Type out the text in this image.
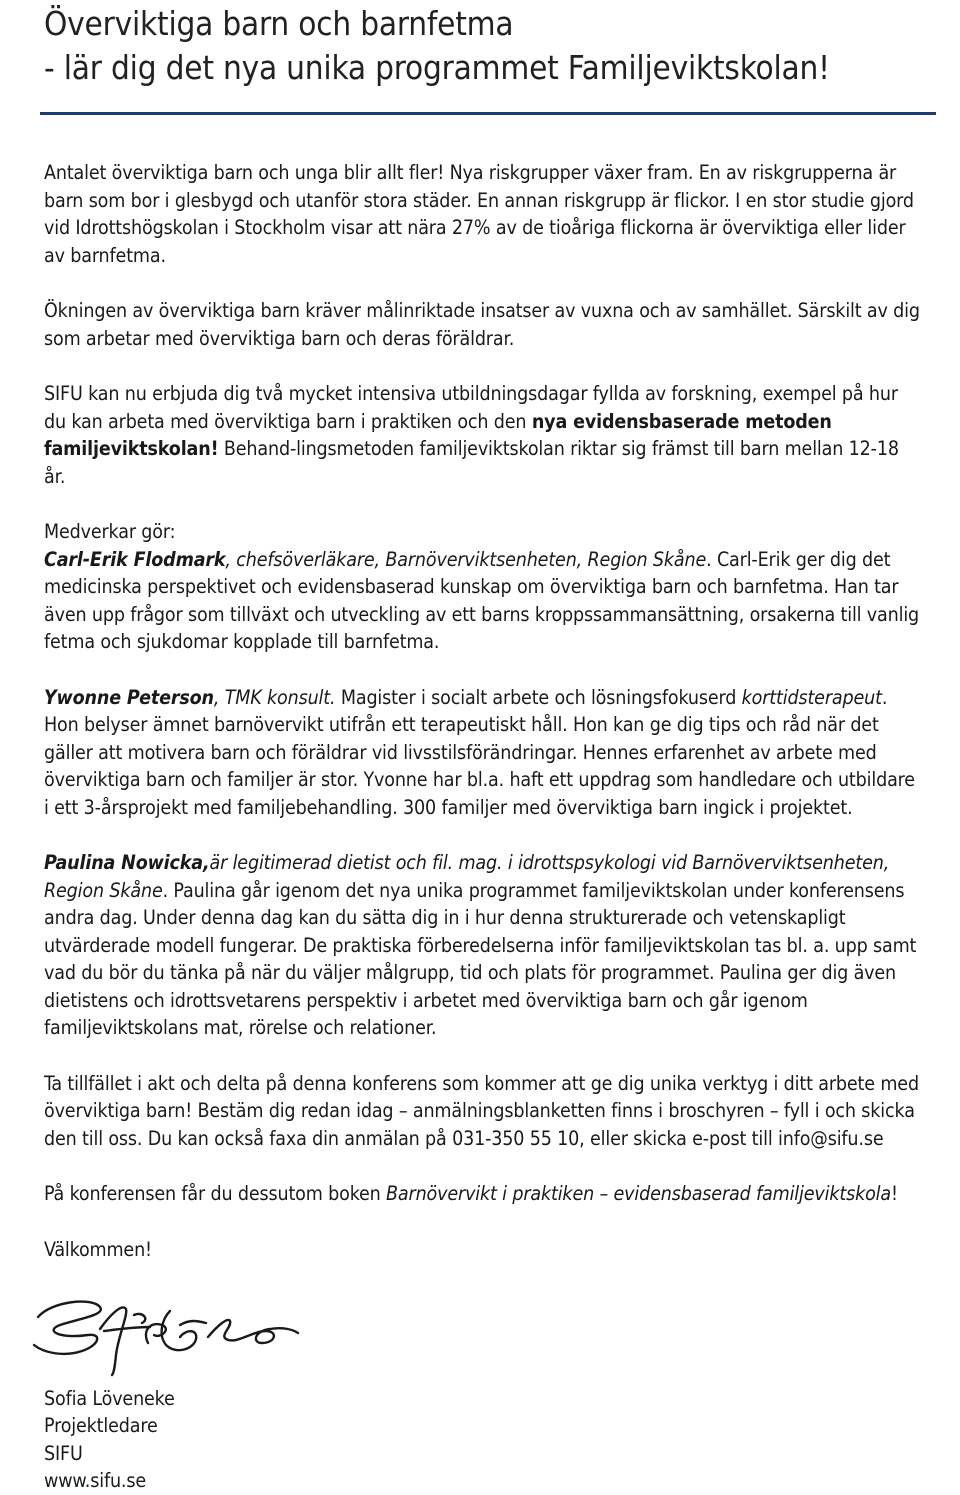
Överviktiga barn och barnfetma
- lär dig det nya unika programmet Familjeviktskolan!

Antalet överviktiga barn och unga blir allt fler! Nya riskgrupper växer fram. En av riskgrupperna är barn som bor i glesbygd och utanför stora städer. En annan riskgrupp är flickor. I en stor studie gjord vid Idrottshögskolan i Stockholm visar att nära 27% av de tioåriga flickorna är överviktiga eller lider av barnfetma.

Ökningen av överviktiga barn kräver målinriktade insatser av vuxna och av samhället. Särskilt av dig som arbetar med överviktiga barn och deras föräldrar.

SIFU kan nu erbjuda dig två mycket intensiva utbildningsdagar fyllda av forskning, exempel på hur du kan arbeta med överviktiga barn i praktiken och den nya evidensbaserade metoden familjeviktskolan! Behand-lingsmetoden familjeviktskolan riktar sig främst till barn mellan 12-18 år.

Medverkar gör:

Carl-Erik Flodmark, chefsöverläkare, Barnöverviktsenheten, Region Skåne. Carl-Erik ger dig det medicinska perspektivet och evidensbaserad kunskap om överviktiga barn och barnfetma. Han tar även upp frågor som tillväxt och utveckling av ett barns kroppssammansättning, orsakerna till vanlig fetma och sjukdomar kopplade till barnfetma.

Ywonne Peterson, TMK konsult. Magister i socialt arbete och lösningsfokuserd korttidsterapeut. Hon belyser ämnet barnövervikt utifrån ett terapeutiskt håll. Hon kan ge dig tips och råd när det gäller att motivera barn och föräldrar vid livsstilsförändringar. Hennes erfarenhet av arbete med överviktiga barn och familjer är stor. Yvonne har bl.a. haft ett uppdrag som handledare och utbildare i ett 3-årsprojekt med familjebehandling. 300 familjer med överviktiga barn ingick i projektet.

Paulina Nowicka,är legitimerad dietist och fil. mag. i idrottspsykologi vid Barnöverviktsenheten, Region Skåne. Paulina går igenom det nya unika programmet familjeviktskolan under konferensens andra dag. Under denna dag kan du sätta dig in i hur denna strukturerade och vetenskapligt utvärderade modell fungerar. De praktiska förberedelserna inför familjeviktskolan tas bl. a. upp samt vad du bör du tänka på när du väljer målgrupp, tid och plats för programmet. Paulina ger dig även dietistens och idrottsvetarens perspektiv i arbetet med överviktiga barn och går igenom familjeviktskolans mat, rörelse och relationer.

Ta tillfället i akt och delta på denna konferens som kommer att ge dig unika verktyg i ditt arbete med överviktiga barn! Bestäm dig redan idag – anmälningsblanketten finns i broschyren – fyll i och skicka den till oss. Du kan också faxa din anmälan på 031-350 55 10, eller skicka e-post till info@sifu.se

På konferensen får du dessutom boken Barnövervikt i praktiken – evidensbaserad familjeviktskola!

Välkommen!

Sofia Löveneke
Projektledare
SIFU
www.sifu.se
